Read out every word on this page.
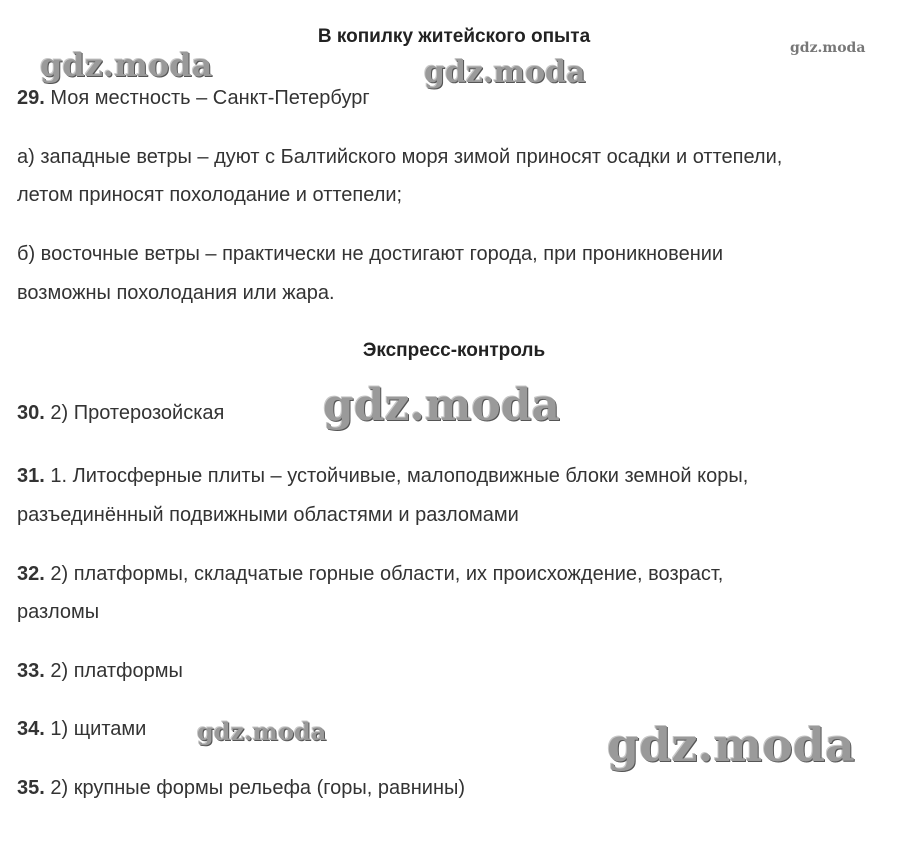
gdz.moda	gdz.moda
gdz.moda
gdz.moda
gdz.moda	gdz.moda
В копилку житейского опыта
29. Моя местность – Санкт-Петербург
а) западные ветры – дуют с Балтийского моря зимой приносят осадки и оттепели,
летом приносят похолодание и оттепели;
б) восточные ветры – практически не достигают города, при проникновении
возможны похолодания или жара.
Экспресс-контроль
30. 2) Протерозойская
31. 1. Литосферные плиты – устойчивые, малоподвижные блоки земной коры,
разъединённый подвижными областями и разломами
32. 2) платформы, складчатые горные области, их происхождение, возраст,
разломы
33. 2) платформы
34. 1) щитами
35. 2) крупные формы рельефа (горы, равнины)
